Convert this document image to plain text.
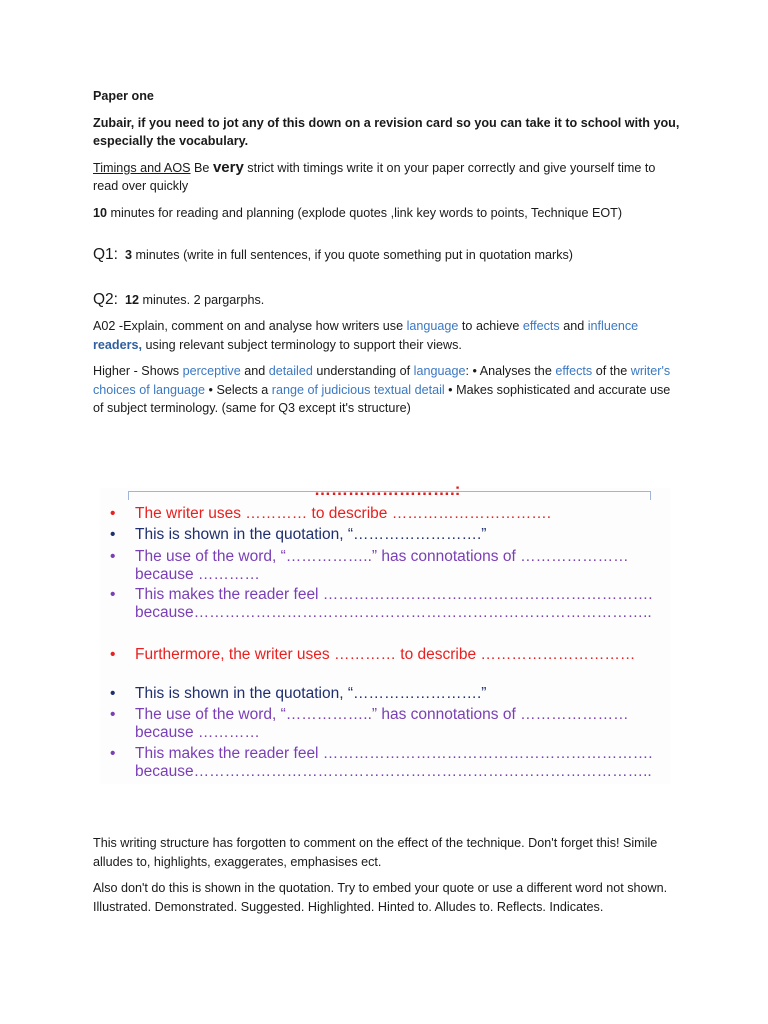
Paper one

Zubair, if you need to jot any of this down on a revision card so you can take it to school with you, especially the vocabulary.

Timings and AOS Be very strict with timings write it on your paper correctly and give yourself time to read over quickly

10 minutes for reading and planning (explode quotes ,link key words to points, Technique EOT)

Q1: 3 minutes (write in full sentences, if you quote something put in quotation marks)

Q2: 12 minutes. 2 pargarphs.

A02 -Explain, comment on and analyse how writers use language to achieve effects and influence
readers, using relevant subject terminology to support their views.

Higher - Shows perceptive and detailed understanding of language: • Analyses the effects of the writer's choices of language • Selects a range of judicious textual detail • Makes sophisticated and accurate use of subject terminology. (same for Q3 except it's structure)

…………………….:
•	The writer uses ………… to describe ………………………….
•	This is shown in the quotation, “…………………….”
•	The use of the word, “……………..” has connotations of ………………… because …………
•	This makes the reader feel ………………………………………………………. because……………………………………………………………………………..
•	Furthermore, the writer uses ………… to describe …………………………
•	This is shown in the quotation, “…………………….”
•	The use of the word, “……………..” has connotations of ………………… because …………
•	This makes the reader feel ………………………………………………………. because……………………………………………………………………………..

This writing structure has forgotten to comment on the effect of the technique. Don't forget this! Simile alludes to, highlights, exaggerates, emphasises ect.

Also don't do this is shown in the quotation. Try to embed your quote or use a different word not shown. Illustrated. Demonstrated. Suggested. Highlighted. Hinted to. Alludes to. Reflects. Indicates.
